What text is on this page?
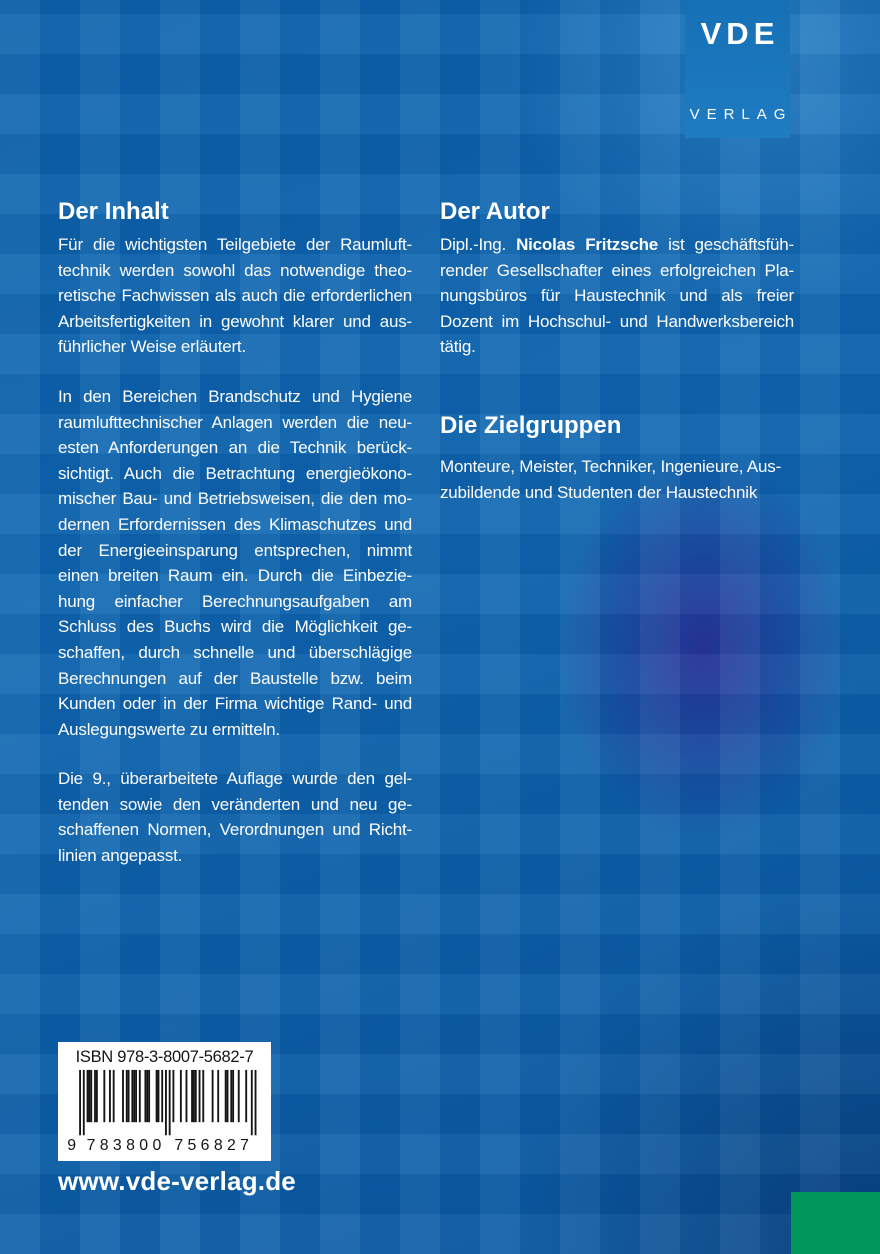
VDE
VERLAG
Der Inhalt
Für die wichtigsten Teilgebiete der Raumluft-
technik werden sowohl das notwendige theo-
retische Fachwissen als auch die erforderlichen
Arbeitsfertigkeiten in gewohnt klarer und aus-
führlicher Weise erläutert.
In den Bereichen Brandschutz und Hygiene
raumlufttechnischer Anlagen werden die neu-
esten Anforderungen an die Technik berück-
sichtigt. Auch die Betrachtung energieökono-
mischer Bau- und Betriebsweisen, die den mo-
dernen Erfordernissen des Klimaschutzes und
der Energieeinsparung entsprechen, nimmt
einen breiten Raum ein. Durch die Einbezie-
hung einfacher Berechnungsaufgaben am
Schluss des Buchs wird die Möglichkeit ge-
schaffen, durch schnelle und überschlägige
Berechnungen auf der Baustelle bzw. beim
Kunden oder in der Firma wichtige Rand- und
Auslegungswerte zu ermitteln.
Die 9., überarbeitete Auflage wurde den gel-
tenden sowie den veränderten und neu ge-
schaffenen Normen, Verordnungen und Richt-
linien angepasst.
Der Autor
Dipl.-Ing. Nicolas Fritzsche ist geschäftsfüh-
render Gesellschafter eines erfolgreichen Pla-
nungsbüros für Haustechnik und als freier
Dozent im Hochschul- und Handwerksbereich
tätig.
Die Zielgruppen
Monteure, Meister, Techniker, Ingenieure, Aus-
zubildende und Studenten der Haustechnik
ISBN 978-3-8007-5682-7
9 783800 756827
www.vde-verlag.de
